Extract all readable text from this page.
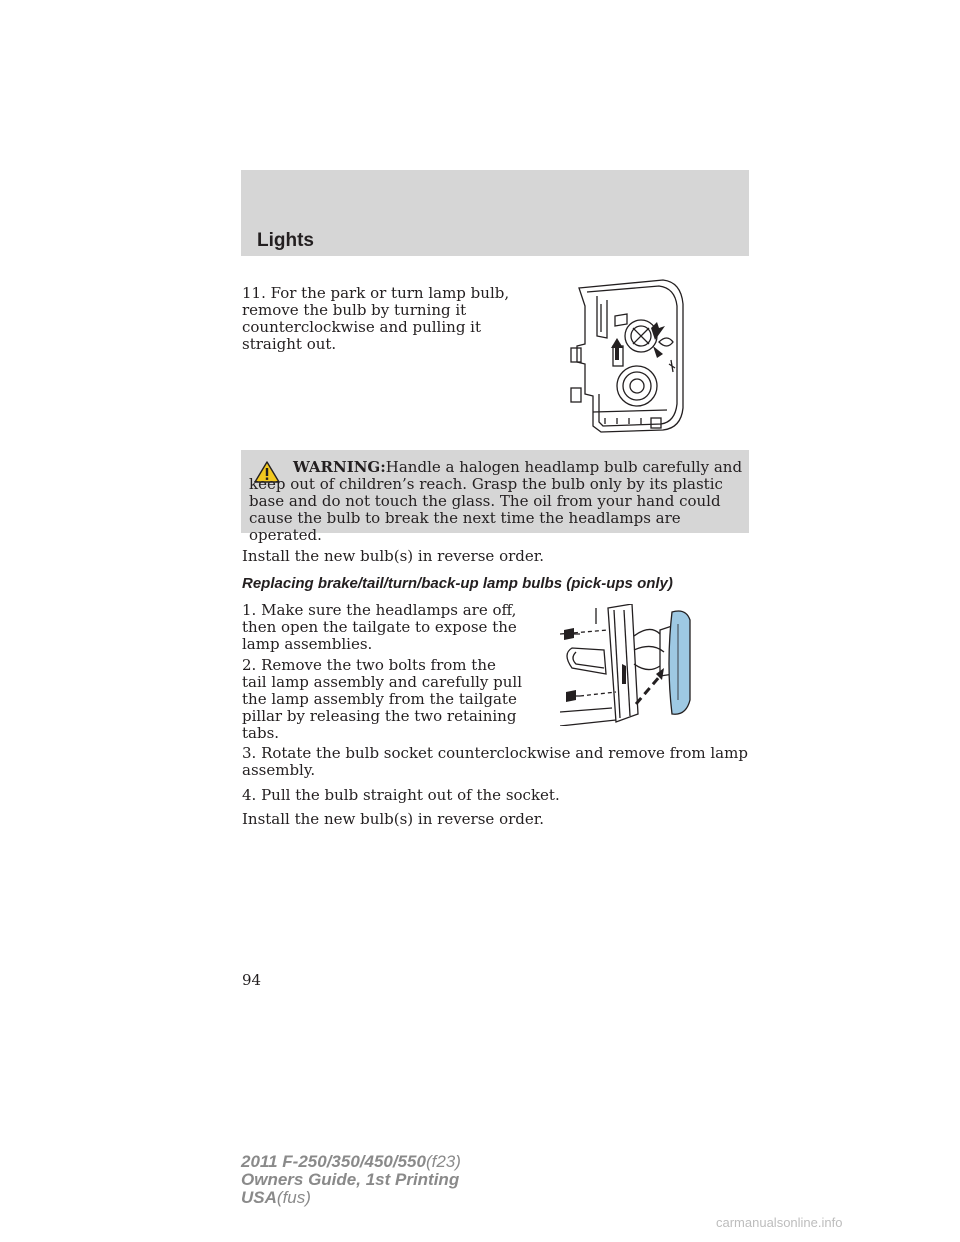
Lights
11. For the park or turn lamp bulb,
remove the bulb by turning it
counterclockwise and pulling it
straight out.
WARNING:Handle a halogen headlamp bulb carefully and keep out of children’s reach. Grasp the bulb only by its plastic base and do not touch the glass. The oil from your hand could cause the bulb to break the next time the headlamps are operated.
Install the new bulb(s) in reverse order.
Replacing brake/tail/turn/back-up lamp bulbs (pick-ups only)
1. Make sure the headlamps are off,
then open the tailgate to expose the
lamp assemblies.
2. Remove the two bolts from the
tail lamp assembly and carefully pull
the lamp assembly from the tailgate
pillar by releasing the two retaining
tabs.
3. Rotate the bulb socket counterclockwise and remove from lamp
assembly.
4. Pull the bulb straight out of the socket.
Install the new bulb(s) in reverse order.
94
2011 F-250/350/450/550(f23)
Owners Guide, 1st Printing
USA(fus)
carmanualsonline.info
